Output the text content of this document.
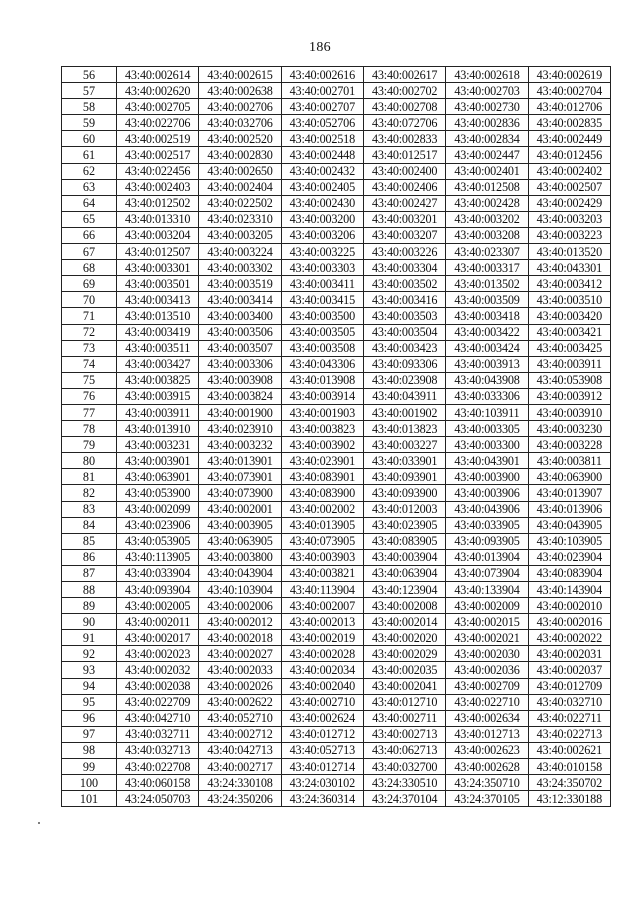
186
56	43:40:002614	43:40:002615	43:40:002616	43:40:002617	43:40:002618	43:40:002619
57	43:40:002620	43:40:002638	43:40:002701	43:40:002702	43:40:002703	43:40:002704
58	43:40:002705	43:40:002706	43:40:002707	43:40:002708	43:40:002730	43:40:012706
59	43:40:022706	43:40:032706	43:40:052706	43:40:072706	43:40:002836	43:40:002835
60	43:40:002519	43:40:002520	43:40:002518	43:40:002833	43:40:002834	43:40:002449
61	43:40:002517	43:40:002830	43:40:002448	43:40:012517	43:40:002447	43:40:012456
62	43:40:022456	43:40:002650	43:40:002432	43:40:002400	43:40:002401	43:40:002402
63	43:40:002403	43:40:002404	43:40:002405	43:40:002406	43:40:012508	43:40:002507
64	43:40:012502	43:40:022502	43:40:002430	43:40:002427	43:40:002428	43:40:002429
65	43:40:013310	43:40:023310	43:40:003200	43:40:003201	43:40:003202	43:40:003203
66	43:40:003204	43:40:003205	43:40:003206	43:40:003207	43:40:003208	43:40:003223
67	43:40:012507	43:40:003224	43:40:003225	43:40:003226	43:40:023307	43:40:013520
68	43:40:003301	43:40:003302	43:40:003303	43:40:003304	43:40:003317	43:40:043301
69	43:40:003501	43:40:003519	43:40:003411	43:40:003502	43:40:013502	43:40:003412
70	43:40:003413	43:40:003414	43:40:003415	43:40:003416	43:40:003509	43:40:003510
71	43:40:013510	43:40:003400	43:40:003500	43:40:003503	43:40:003418	43:40:003420
72	43:40:003419	43:40:003506	43:40:003505	43:40:003504	43:40:003422	43:40:003421
73	43:40:003511	43:40:003507	43:40:003508	43:40:003423	43:40:003424	43:40:003425
74	43:40:003427	43:40:003306	43:40:043306	43:40:093306	43:40:003913	43:40:003911
75	43:40:003825	43:40:003908	43:40:013908	43:40:023908	43:40:043908	43:40:053908
76	43:40:003915	43:40:003824	43:40:003914	43:40:043911	43:40:033306	43:40:003912
77	43:40:003911	43:40:001900	43:40:001903	43:40:001902	43:40:103911	43:40:003910
78	43:40:013910	43:40:023910	43:40:003823	43:40:013823	43:40:003305	43:40:003230
79	43:40:003231	43:40:003232	43:40:003902	43:40:003227	43:40:003300	43:40:003228
80	43:40:003901	43:40:013901	43:40:023901	43:40:033901	43:40:043901	43:40:003811
81	43:40:063901	43:40:073901	43:40:083901	43:40:093901	43:40:003900	43:40:063900
82	43:40:053900	43:40:073900	43:40:083900	43:40:093900	43:40:003906	43:40:013907
83	43:40:002099	43:40:002001	43:40:002002	43:40:012003	43:40:043906	43:40:013906
84	43:40:023906	43:40:003905	43:40:013905	43:40:023905	43:40:033905	43:40:043905
85	43:40:053905	43:40:063905	43:40:073905	43:40:083905	43:40:093905	43:40:103905
86	43:40:113905	43:40:003800	43:40:003903	43:40:003904	43:40:013904	43:40:023904
87	43:40:033904	43:40:043904	43:40:003821	43:40:063904	43:40:073904	43:40:083904
88	43:40:093904	43:40:103904	43:40:113904	43:40:123904	43:40:133904	43:40:143904
89	43:40:002005	43:40:002006	43:40:002007	43:40:002008	43:40:002009	43:40:002010
90	43:40:002011	43:40:002012	43:40:002013	43:40:002014	43:40:002015	43:40:002016
91	43:40:002017	43:40:002018	43:40:002019	43:40:002020	43:40:002021	43:40:002022
92	43:40:002023	43:40:002027	43:40:002028	43:40:002029	43:40:002030	43:40:002031
93	43:40:002032	43:40:002033	43:40:002034	43:40:002035	43:40:002036	43:40:002037
94	43:40:002038	43:40:002026	43:40:002040	43:40:002041	43:40:002709	43:40:012709
95	43:40:022709	43:40:002622	43:40:002710	43:40:012710	43:40:022710	43:40:032710
96	43:40:042710	43:40:052710	43:40:002624	43:40:002711	43:40:002634	43:40:022711
97	43:40:032711	43:40:002712	43:40:012712	43:40:002713	43:40:012713	43:40:022713
98	43:40:032713	43:40:042713	43:40:052713	43:40:062713	43:40:002623	43:40:002621
99	43:40:022708	43:40:002717	43:40:012714	43:40:032700	43:40:002628	43:40:010158
100	43:40:060158	43:24:330108	43:24:030102	43:24:330510	43:24:350710	43:24:350702
101	43:24:050703	43:24:350206	43:24:360314	43:24:370104	43:24:370105	43:12:330188
